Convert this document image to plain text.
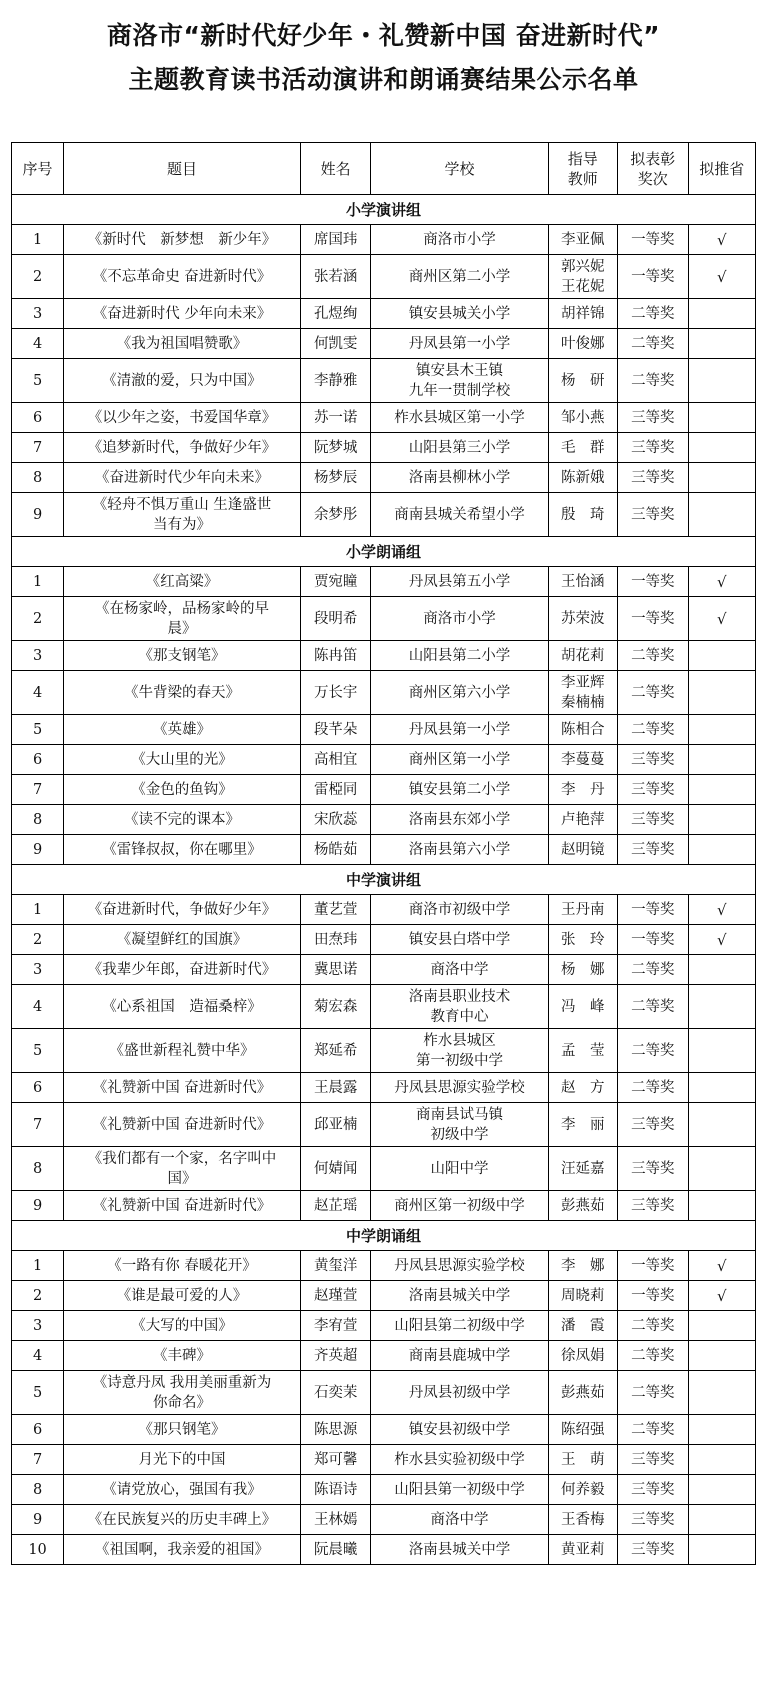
商洛市“新时代好少年・礼赞新中国 奋进新时代”

主题教育读书活动演讲和朗诵赛结果公示名单

序号	题目	姓名	学校	指导
教师	拟表彰
奖次	拟推省
小学演讲组						
1	《新时代　新梦想　新少年》	席国玮	商洛市小学	李亚佩	一等奖	√
2	《不忘革命史 奋进新时代》	张若涵	商州区第二小学	郭兴妮
王花妮	一等奖	√
3	《奋进新时代 少年向未来》	孔煜绚	镇安县城关小学	胡祥锦	二等奖	
4	《我为祖国唱赞歌》	何凯雯	丹凤县第一小学	叶俊娜	二等奖	
5	《清澈的爱，只为中国》	李静雅	镇安县木王镇
九年一贯制学校	杨　研	二等奖	
6	《以少年之姿，书爱国华章》	苏一诺	柞水县城区第一小学	邹小燕	三等奖	
7	《追梦新时代，争做好少年》	阮梦城	山阳县第三小学	毛　群	三等奖	
8	《奋进新时代少年向未来》	杨梦辰	洛南县柳林小学	陈新娥	三等奖	
9	《轻舟不惧万重山 生逢盛世
当有为》	余梦彤	商南县城关希望小学	殷　琦	三等奖	
小学朗诵组						
1	《红高粱》	贾宛瞳	丹凤县第五小学	王怡涵	一等奖	√
2	《在杨家岭，品杨家岭的早
晨》	段明希	商洛市小学	苏荣波	一等奖	√
3	《那支钢笔》	陈冉笛	山阳县第二小学	胡花莉	二等奖	
4	《牛背梁的春天》	万长宇	商州区第六小学	李亚辉
秦楠楠	二等奖	
5	《英雄》	段芊朵	丹凤县第一小学	陈相合	二等奖	
6	《大山里的光》	高相宜	商州区第一小学	李蔓蔓	三等奖	
7	《金色的鱼钩》	雷椏同	镇安县第二小学	李　丹	三等奖	
8	《读不完的课本》	宋欣蕊	洛南县东郊小学	卢艳萍	三等奖	
9	《雷锋叔叔，你在哪里》	杨皓茹	洛南县第六小学	赵明镜	三等奖	
中学演讲组						
1	《奋进新时代，争做好少年》	董艺萱	商洛市初级中学	王丹南	一等奖	√
2	《凝望鲜红的国旗》	田焘玮	镇安县白塔中学	张　玲	一等奖	√
3	《我辈少年郎，奋进新时代》	冀思诺	商洛中学	杨　娜	二等奖	
4	《心系祖国　造福桑梓》	菊宏森	洛南县职业技术
教育中心	冯　峰	二等奖	
5	《盛世新程礼赞中华》	郑延希	柞水县城区
第一初级中学	孟　莹	二等奖	
6	《礼赞新中国 奋进新时代》	王晨露	丹凤县思源实验学校	赵　方	二等奖	
7	《礼赞新中国 奋进新时代》	邱亚楠	商南县试马镇
初级中学	李　丽	三等奖	
8	《我们都有一个家，名字叫中
国》	何婧闻	山阳中学	汪延嘉	三等奖	
9	《礼赞新中国 奋进新时代》	赵芷瑶	商州区第一初级中学	彭燕茹	三等奖	
中学朗诵组						
1	《一路有你 春暖花开》	黄玺洋	丹凤县思源实验学校	李　娜	一等奖	√
2	《谁是最可爱的人》	赵瑾萱	洛南县城关中学	周晓莉	一等奖	√
3	《大写的中国》	李宥萱	山阳县第二初级中学	潘　霞	二等奖	
4	《丰碑》	齐英超	商南县鹿城中学	徐凤娟	二等奖	
5	《诗意丹凤 我用美丽重新为
你命名》	石奕茉	丹凤县初级中学	彭燕茹	二等奖	
6	《那只钢笔》	陈思源	镇安县初级中学	陈绍强	二等奖	
7	月光下的中国	郑可馨	柞水县实验初级中学	王　萌	三等奖	
8	《请党放心，强国有我》	陈语诗	山阳县第一初级中学	何养毅	三等奖	
9	《在民族复兴的历史丰碑上》	王林嫣	商洛中学	王香梅	三等奖	
10	《祖国啊，我亲爱的祖国》	阮晨曦	洛南县城关中学	黄亚莉	三等奖	
